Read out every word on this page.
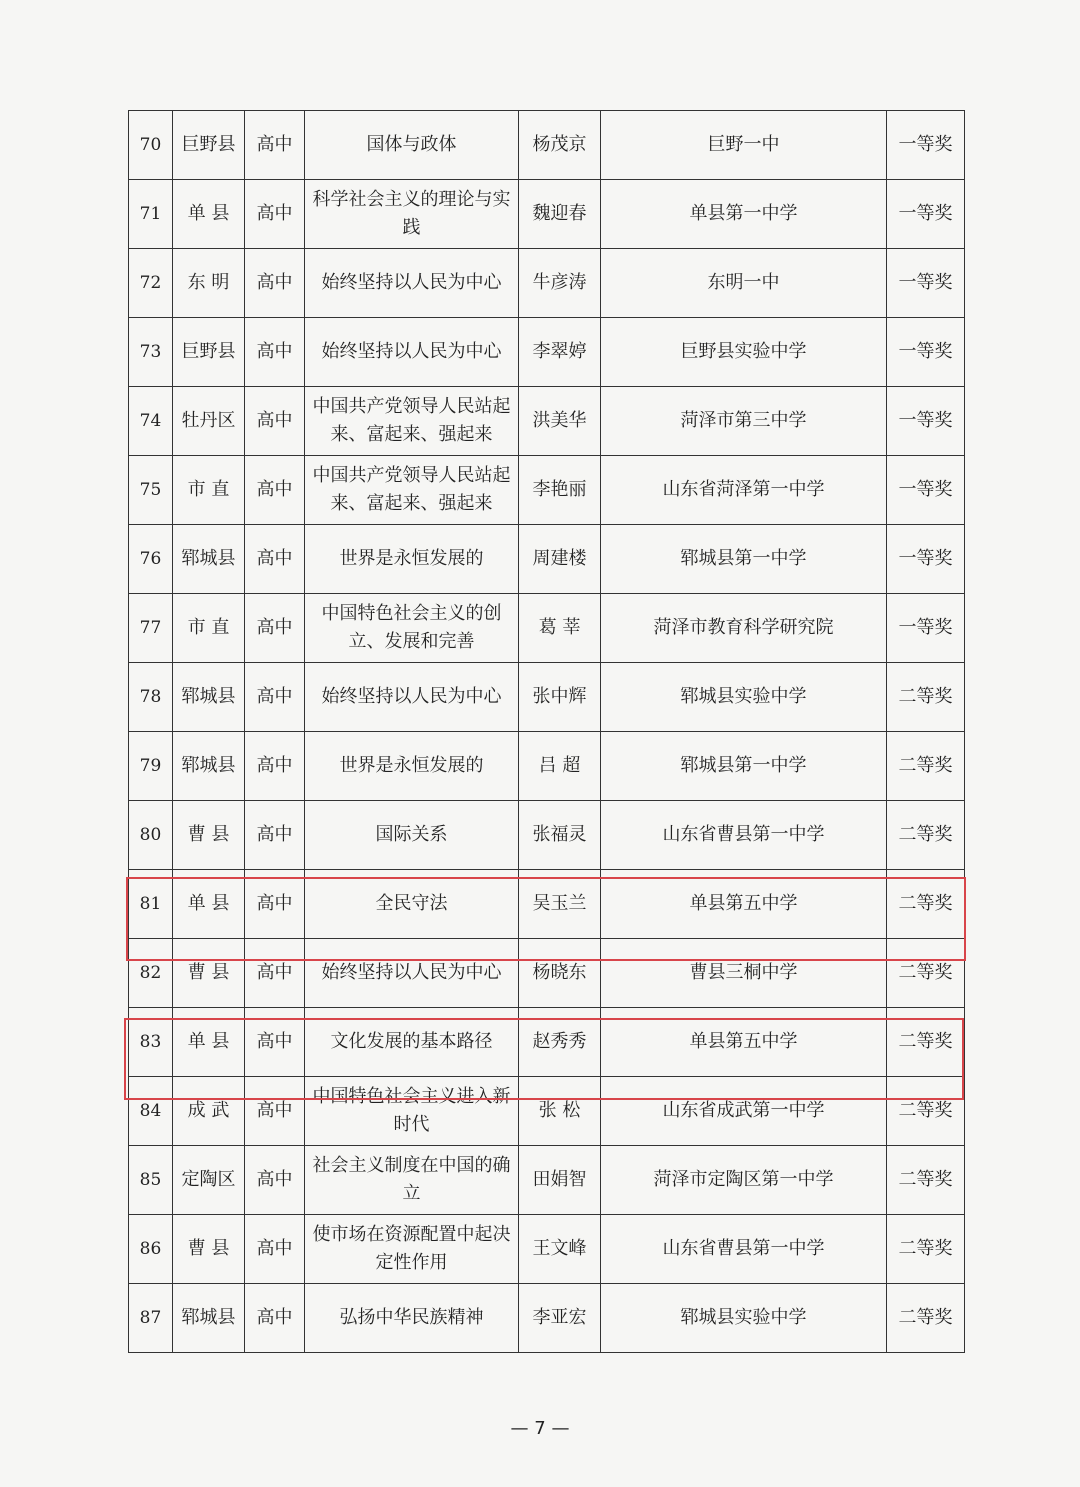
70	巨野县	高中	国体与政体	杨茂京	巨野一中	一等奖
71	单 县	高中	科学社会主义的理论与实践	魏迎春	单县第一中学	一等奖
72	东 明	高中	始终坚持以人民为中心	牛彦涛	东明一中	一等奖
73	巨野县	高中	始终坚持以人民为中心	李翠婷	巨野县实验中学	一等奖
74	牡丹区	高中	中国共产党领导人民站起来、富起来、强起来	洪美华	菏泽市第三中学	一等奖
75	市 直	高中	中国共产党领导人民站起来、富起来、强起来	李艳丽	山东省菏泽第一中学	一等奖
76	郓城县	高中	世界是永恒发展的	周建楼	郓城县第一中学	一等奖
77	市 直	高中	中国特色社会主义的创立、发展和完善	葛 莘	菏泽市教育科学研究院	一等奖
78	郓城县	高中	始终坚持以人民为中心	张中辉	郓城县实验中学	二等奖
79	郓城县	高中	世界是永恒发展的	吕 超	郓城县第一中学	二等奖
80	曹 县	高中	国际关系	张福灵	山东省曹县第一中学	二等奖
81	单 县	高中	全民守法	吴玉兰	单县第五中学	二等奖
82	曹 县	高中	始终坚持以人民为中心	杨晓东	曹县三桐中学	二等奖
83	单 县	高中	文化发展的基本路径	赵秀秀	单县第五中学	二等奖
84	成 武	高中	中国特色社会主义进入新时代	张 松	山东省成武第一中学	二等奖
85	定陶区	高中	社会主义制度在中国的确立	田娟智	菏泽市定陶区第一中学	二等奖
86	曹 县	高中	使市场在资源配置中起决定性作用	王文峰	山东省曹县第一中学	二等奖
87	郓城县	高中	弘扬中华民族精神	李亚宏	郓城县实验中学	二等奖
— 7 —
